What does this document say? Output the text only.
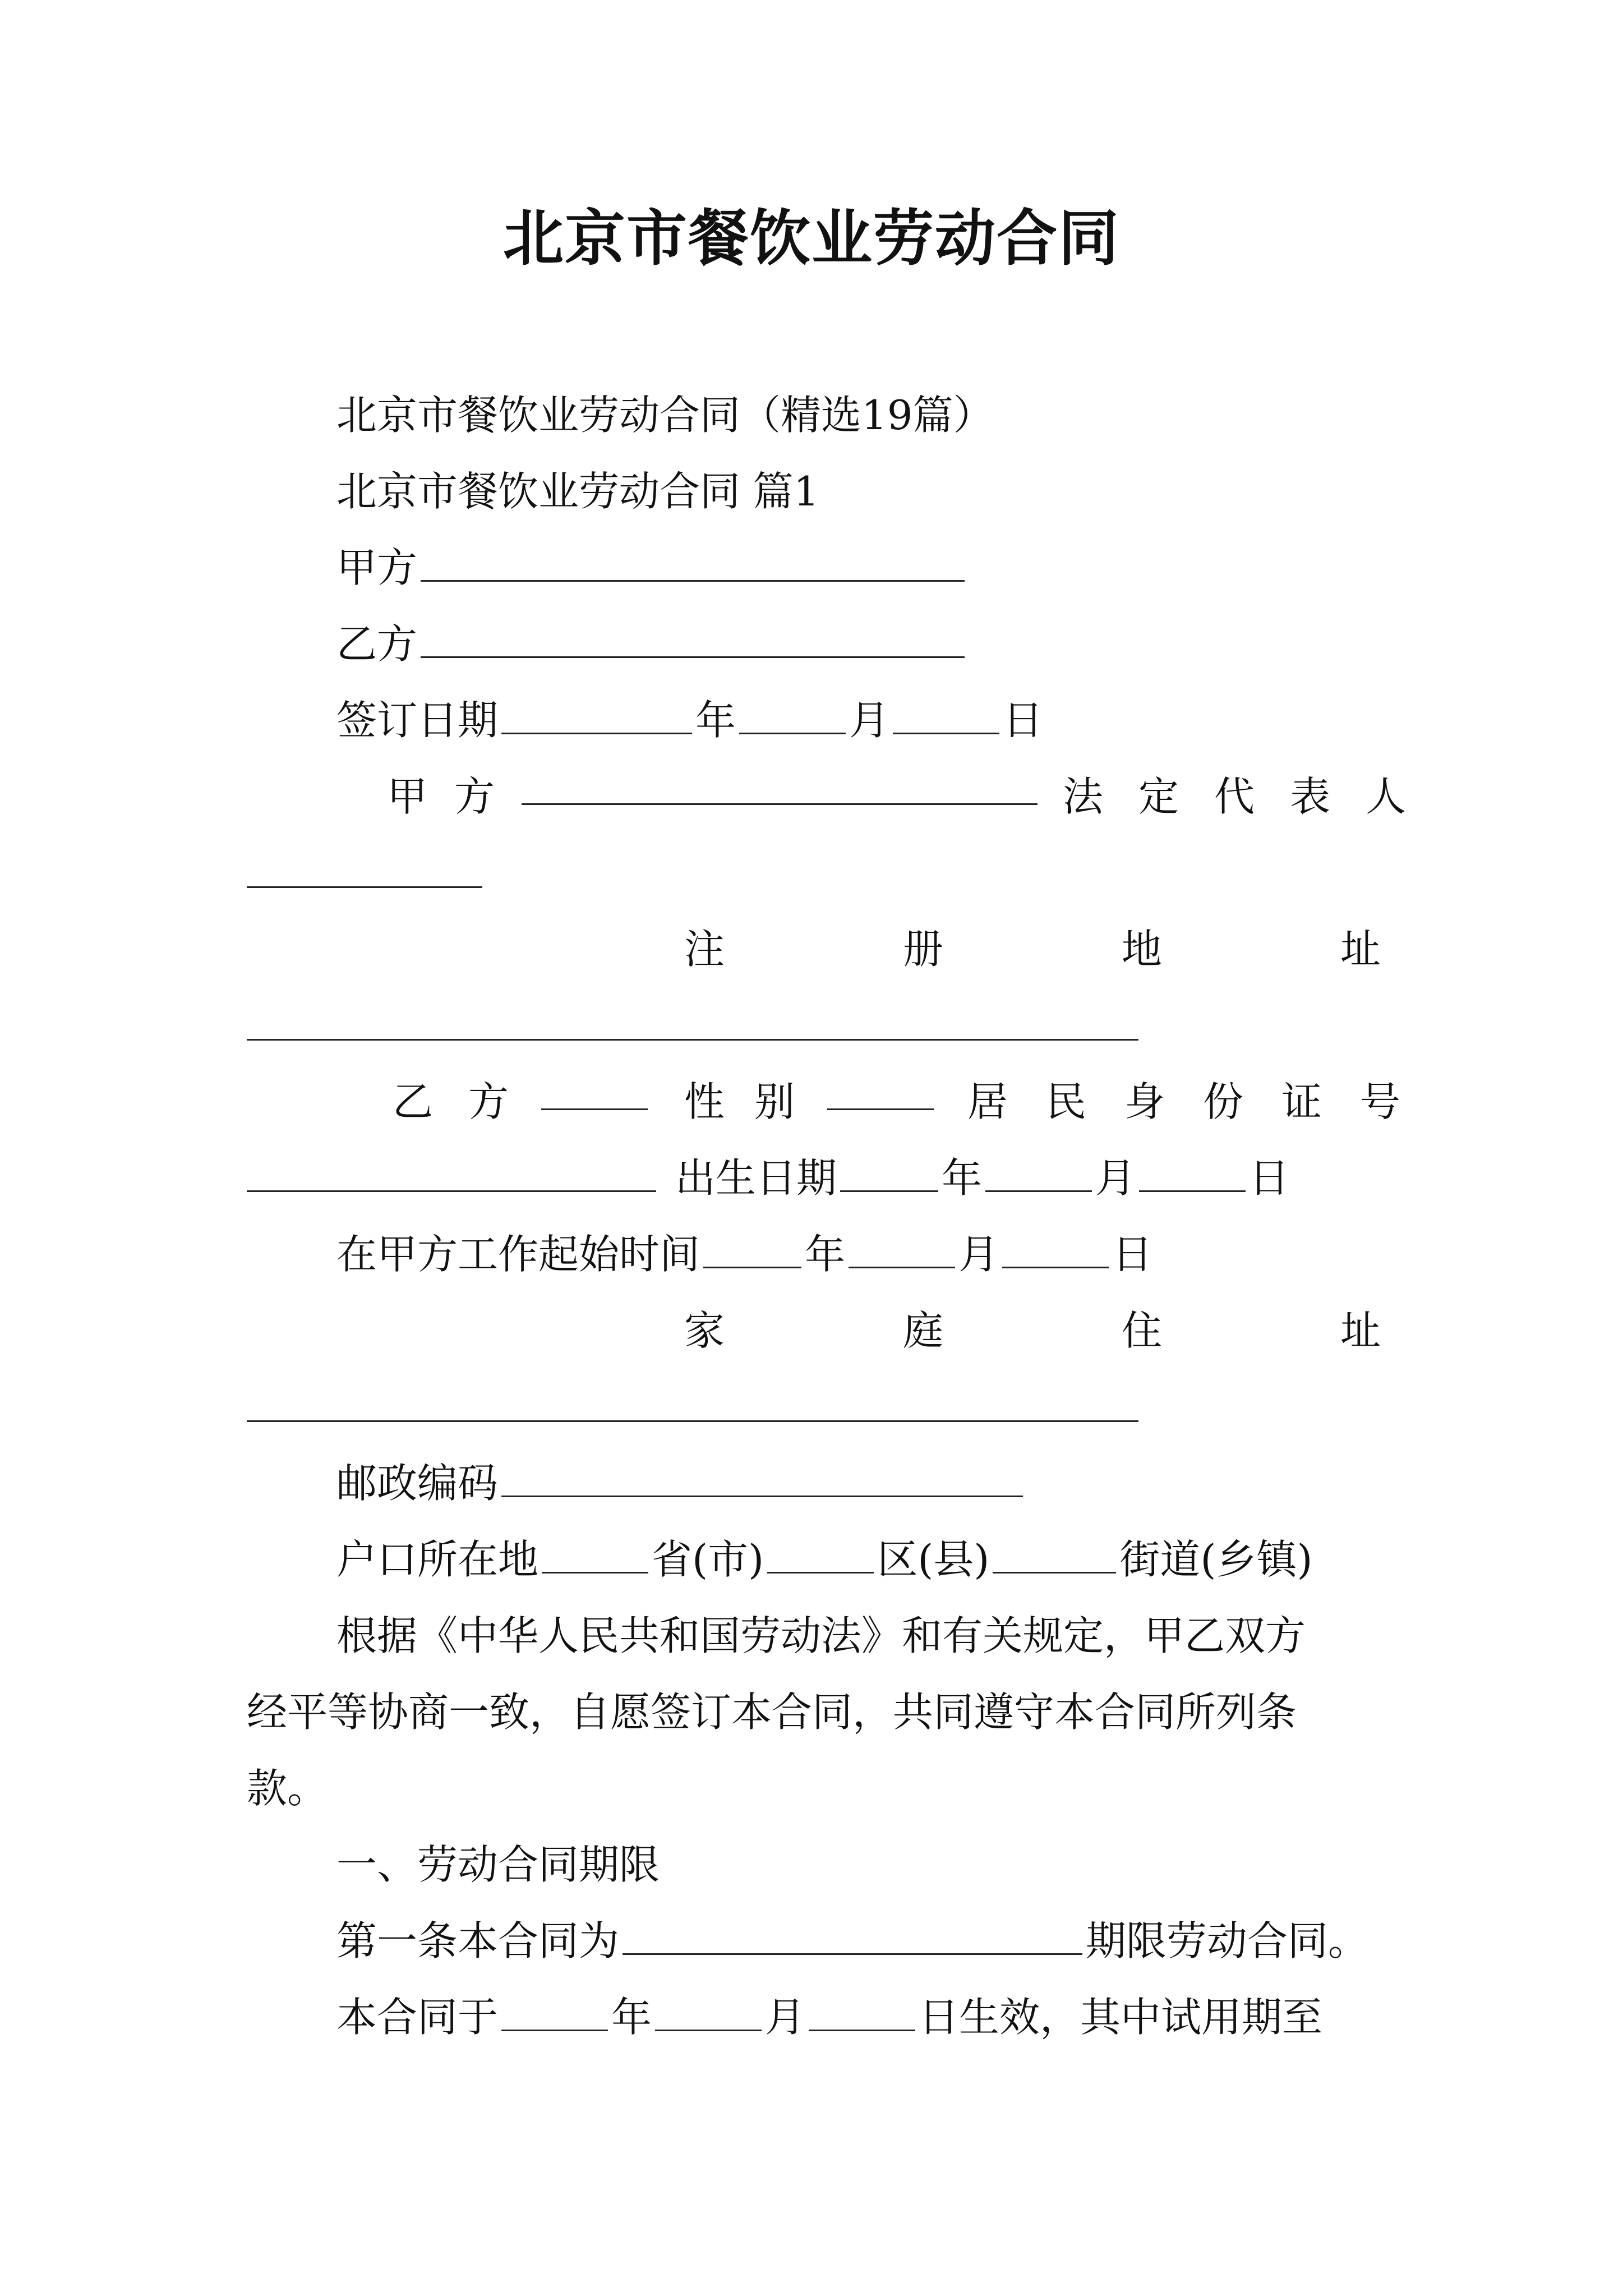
北京市餐饮业劳动合同
北京市餐饮业劳动合同（精选19篇）
北京市餐饮业劳动合同 篇1
甲方
乙方
签订日期	年	月	日
甲 方	法 定 代 表 人
注	册	地	址
乙 方	性 别	居 民 身 份 证 号
出生日期	年	月	日
在甲方工作起始时间	年	月	日
家	庭	住	址
邮政编码
户口所在地	省(市)	区(县)	街道(乡镇)
根据《中华人民共和国劳动法》和有关规定，甲乙双方
经平等协商一致，自愿签订本合同，共同遵守本合同所列条
款。
一、劳动合同期限
第一条本合同为	期限劳动合同。
本合同于	年	月	日生效，其中试用期至
